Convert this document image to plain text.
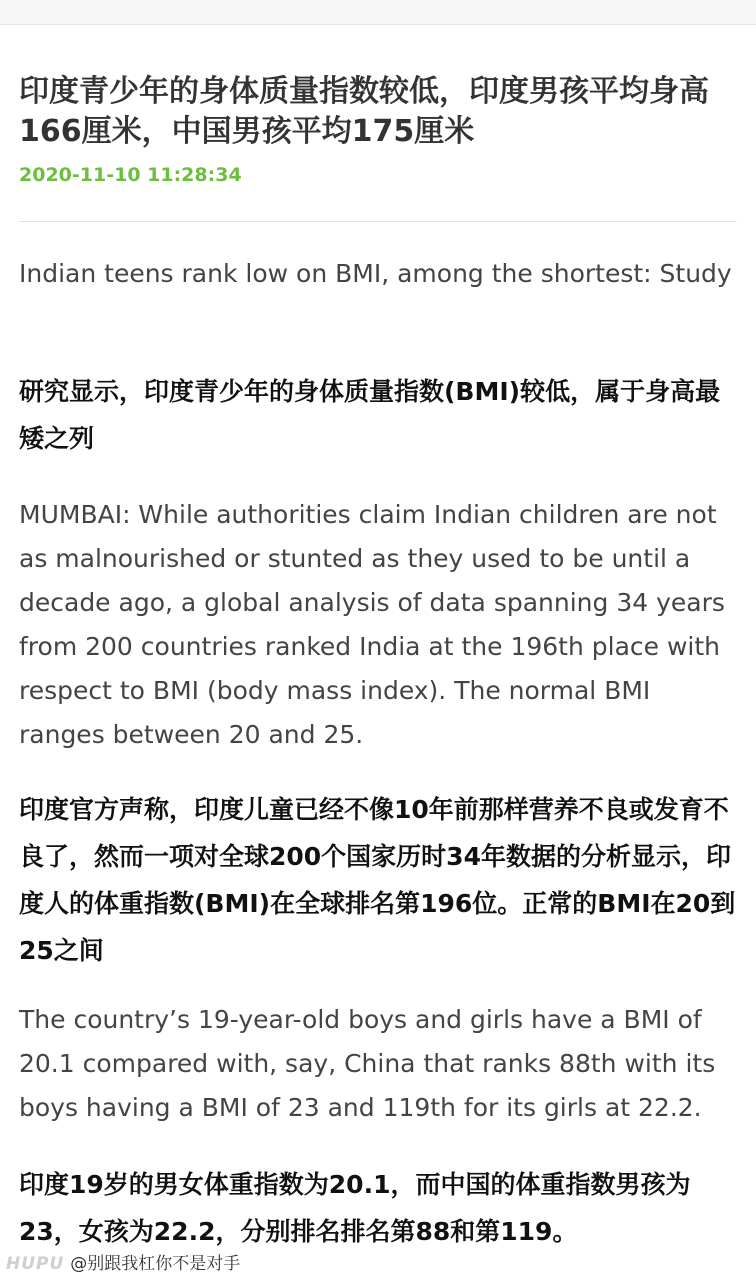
印度青少年的身体质量指数较低，印度男孩平均身高166厘米，中国男孩平均175厘米
2020-11-10 11:28:34

Indian teens rank low on BMI, among the shortest: Study

研究显示，印度青少年的身体质量指数(BMI)较低，属于身高最矮之列

MUMBAI: While authorities claim Indian children are not as malnourished or stunted as they used to be until a decade ago, a global analysis of data spanning 34 years from 200 countries ranked India at the 196th place with respect to BMI (body mass index). The normal BMI ranges between 20 and 25.

印度官方声称，印度儿童已经不像10年前那样营养不良或发育不良了，然而一项对全球200个国家历时34年数据的分析显示，印度人的体重指数(BMI)在全球排名第196位。正常的BMI在20到25之间

The country’s 19-year-old boys and girls have a BMI of 20.1 compared with, say, China that ranks 88th with its boys having a BMI of 23 and 119th for its girls at 22.2.

印度19岁的男女体重指数为20.1，而中国的体重指数男孩为23，女孩为22.2，分别排名排名第88和第119。

HUPU @别跟我杠你不是对手
